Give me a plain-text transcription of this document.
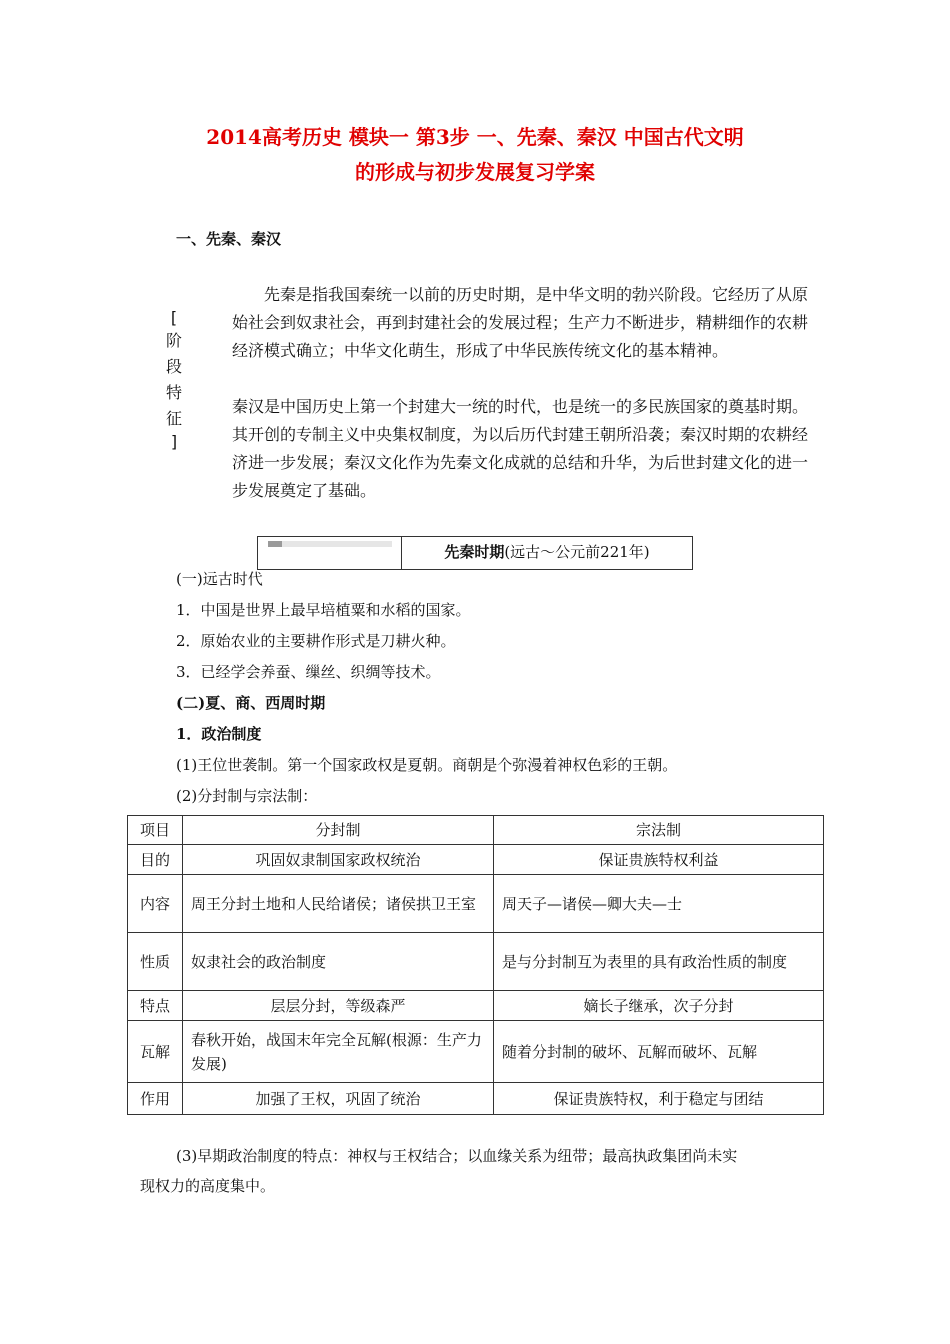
2014高考历史 模块一 第3步 一、先秦、秦汉 中国古代文明
的形成与初步发展复习学案
一、先秦、秦汉
[
阶
段
特
征
]
先秦是指我国秦统一以前的历史时期，是中华文明的勃兴阶段。它经历了从原始社会到奴隶社会，再到封建社会的发展过程；生产力不断进步，精耕细作的农耕经济模式确立；中华文化萌生，形成了中华民族传统文化的基本精神。
秦汉是中国历史上第一个封建大一统的时代，也是统一的多民族国家的奠基时期。其开创的专制主义中央集权制度，为以后历代封建王朝所沿袭；秦汉时期的农耕经济进一步发展；秦汉文化作为先秦文化成就的总结和升华，为后世封建文化的进一步发展奠定了基础。
先秦时期(远古～公元前221年)
(一)远古时代
1．中国是世界上最早培植粟和水稻的国家。
2．原始农业的主要耕作形式是刀耕火种。
3．已经学会养蚕、缫丝、织绸等技术。
(二)夏、商、西周时期
1．政治制度
(1)王位世袭制。第一个国家政权是夏朝。商朝是个弥漫着神权色彩的王朝。
(2)分封制与宗法制：
项目	分封制	宗法制
目的	巩固奴隶制国家政权统治	保证贵族特权利益
内容	周王分封土地和人民给诸侯；诸侯拱卫王室	周天子—诸侯—卿大夫—士
性质	奴隶社会的政治制度	是与分封制互为表里的具有政治性质的制度
特点	层层分封，等级森严	嫡长子继承，次子分封
瓦解	春秋开始，战国末年完全瓦解(根源：生产力发展)	随着分封制的破坏、瓦解而破坏、瓦解
作用	加强了王权，巩固了统治	保证贵族特权，利于稳定与团结
(3)早期政治制度的特点：神权与王权结合；以血缘关系为纽带；最高执政集团尚未实
现权力的高度集中。
